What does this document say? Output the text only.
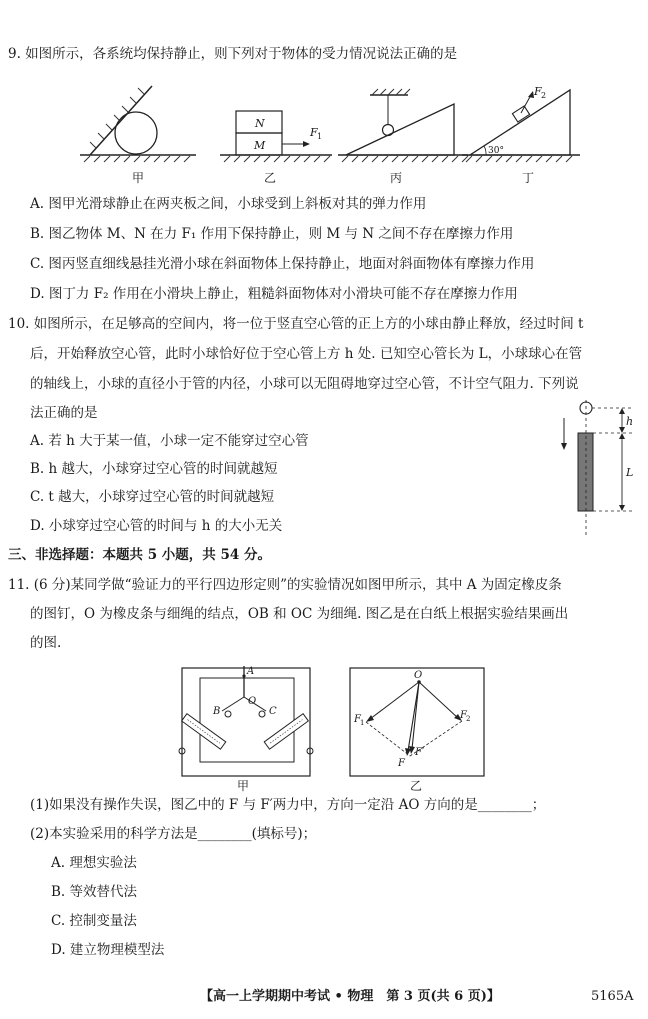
9. 如图所示，各系统均保持静止，则下列对于物体的受力情况说法正确的是
甲
N
M
F 1
乙	丙
F 2
30°
丁
A. 图甲光滑球静止在两夹板之间，小球受到上斜板对其的弹力作用
B. 图乙物体 M、N 在力 F₁ 作用下保持静止，则 M 与 N 之间不存在摩擦力作用
C. 图丙竖直细线悬挂光滑小球在斜面物体上保持静止，地面对斜面物体有摩擦力作用
D. 图丁力 F₂ 作用在小滑块上静止，粗糙斜面物体对小滑块可能不存在摩擦力作用
10. 如图所示，在足够高的空间内，将一位于竖直空心管的正上方的小球由静止释放，经过时间 t
后，开始释放空心管，此时小球恰好位于空心管上方 h 处. 已知空心管长为 L，小球球心在管
的轴线上，小球的直径小于管的内径，小球可以无阻碍地穿过空心管，不计空气阻力. 下列说
法正确的是
A. 若 h 大于某一值，小球一定不能穿过空心管
B. h 越大，小球穿过空心管的时间就越短
C. t 越大，小球穿过空心管的时间就越短
D. 小球穿过空心管的时间与 h 的大小无关
h
L
三、非选择题：本题共 5 小题，共 54 分。
11. (6 分)某同学做“验证力的平行四边形定则”的实验情况如图甲所示，其中 A 为固定橡皮条
的图钉，O 为橡皮条与细绳的结点，OB 和 OC 为细绳. 图乙是在白纸上根据实验结果画出
的图.
A
O
B	C
甲
O
F 1
F 2
F
F′
乙
(1)如果没有操作失误，图乙中的 F 与 F′两力中，方向一定沿 AO 方向的是________；
(2)本实验采用的科学方法是________(填标号)；
A. 理想实验法
B. 等效替代法
C. 控制变量法
D. 建立物理模型法
【高一上学期期中考试 • 物理　第 3 页(共 6 页)】	5165A
